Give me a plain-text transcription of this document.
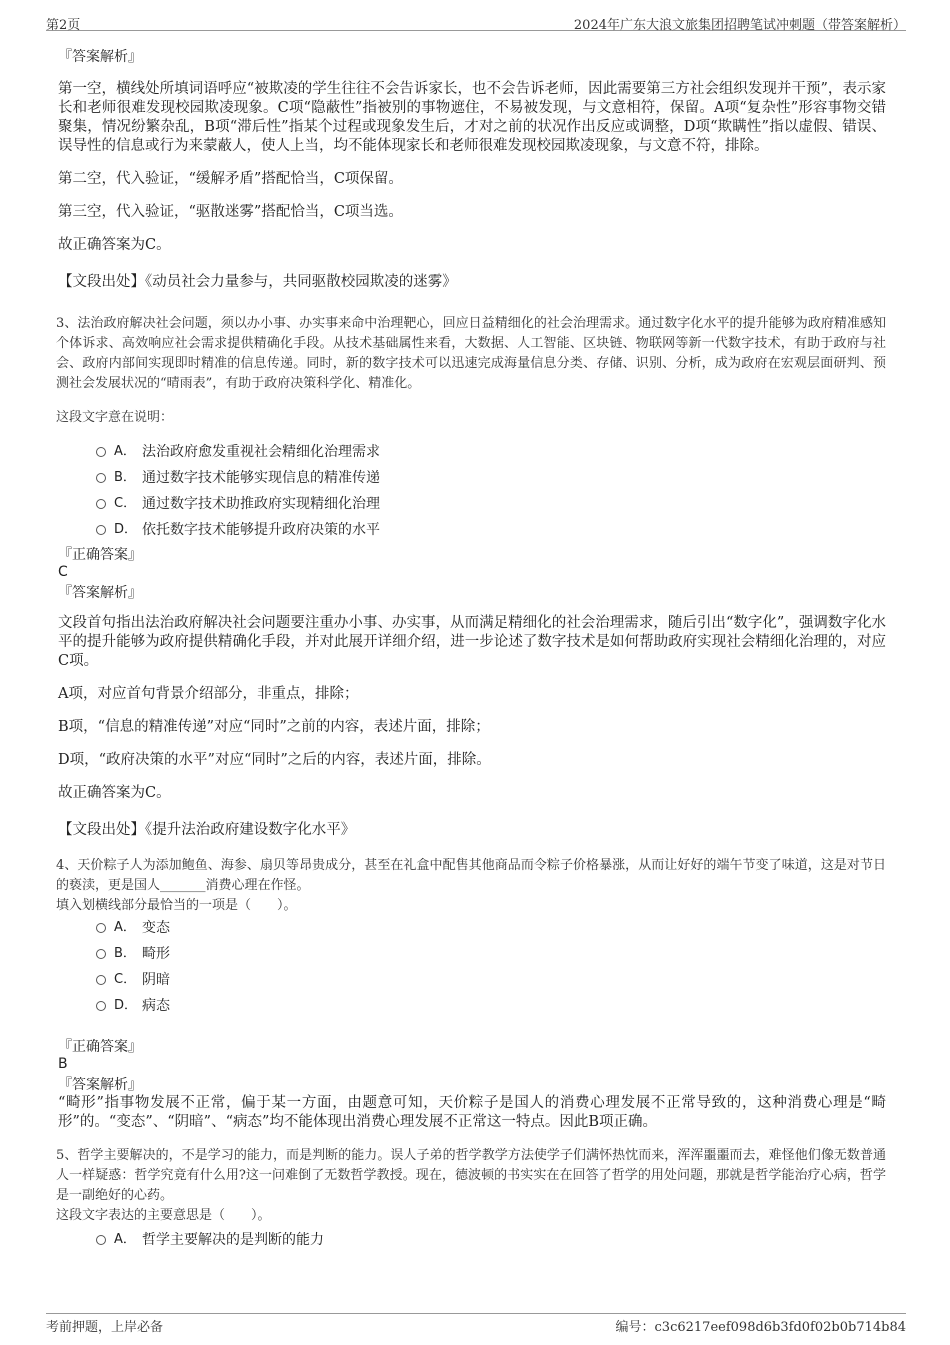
第2页	2024年广东大浪文旅集团招聘笔试冲刺题（带答案解析）
『答案解析』
第一空，横线处所填词语呼应“被欺凌的学生往往不会告诉家长，也不会告诉老师，因此需要第三方社会组织发现并干预”，表示家长和老师很难发现校园欺凌现象。C项“隐蔽性”指被别的事物遮住，不易被发现，与文意相符，保留。A项“复杂性”形容事物交错聚集，情况纷繁杂乱，B项“滞后性”指某个过程或现象发生后，才对之前的状况作出反应或调整，D项“欺瞒性”指以虚假、错误、误导性的信息或行为来蒙蔽人，使人上当，均不能体现家长和老师很难发现校园欺凌现象，与文意不符，排除。
第二空，代入验证，“缓解矛盾”搭配恰当，C项保留。
第三空，代入验证，“驱散迷雾”搭配恰当，C项当选。
故正确答案为C。
【文段出处】《动员社会力量参与，共同驱散校园欺凌的迷雾》
3、法治政府解决社会问题，须以办小事、办实事来命中治理靶心，回应日益精细化的社会治理需求。通过数字化水平的提升能够为政府精准感知个体诉求、高效响应社会需求提供精确化手段。从技术基础属性来看，大数据、人工智能、区块链、物联网等新一代数字技术，有助于政府与社会、政府内部间实现即时精准的信息传递。同时，新的数字技术可以迅速完成海量信息分类、存储、识别、分析，成为政府在宏观层面研判、预测社会发展状况的“晴雨表”，有助于政府决策科学化、精准化。
这段文字意在说明：
A． 法治政府愈发重视社会精细化治理需求
B． 通过数字技术能够实现信息的精准传递
C． 通过数字技术助推政府实现精细化治理
D． 依托数字技术能够提升政府决策的水平
『正确答案』
C
『答案解析』
文段首句指出法治政府解决社会问题要注重办小事、办实事，从而满足精细化的社会治理需求，随后引出“数字化”，强调数字化水平的提升能够为政府提供精确化手段，并对此展开详细介绍，进一步论述了数字技术是如何帮助政府实现社会精细化治理的，对应C项。
A项，对应首句背景介绍部分，非重点，排除；
B项，“信息的精准传递”对应“同时”之前的内容，表述片面，排除；
D项，“政府决策的水平”对应“同时”之后的内容，表述片面，排除。
故正确答案为C。
【文段出处】《提升法治政府建设数字化水平》
4、天价粽子人为添加鲍鱼、海参、扇贝等昂贵成分，甚至在礼盒中配售其他商品而令粽子价格暴涨，从而让好好的端午节变了味道，这是对节日的亵渎，更是国人_______消费心理在作怪。
填入划横线部分最恰当的一项是（　　）。
A． 变态
B． 畸形
C． 阴暗
D． 病态
『正确答案』
B
『答案解析』
“畸形”指事物发展不正常，偏于某一方面，由题意可知，天价粽子是国人的消费心理发展不正常导致的，这种消费心理是“畸形”的。“变态”、“阴暗”、“病态”均不能体现出消费心理发展不正常这一特点。因此B项正确。
5、哲学主要解决的，不是学习的能力，而是判断的能力。误人子弟的哲学教学方法使学子们满怀热忱而来，浑浑噩噩而去，难怪他们像无数普通人一样疑惑：哲学究竟有什么用?这一问难倒了无数哲学教授。现在，德波顿的书实实在在回答了哲学的用处问题，那就是哲学能治疗心病，哲学是一副绝好的心药。
这段文字表达的主要意思是（　　）。
A． 哲学主要解决的是判断的能力
考前押题，上岸必备	编号：c3c6217eef098d6b3fd0f02b0b714b84
